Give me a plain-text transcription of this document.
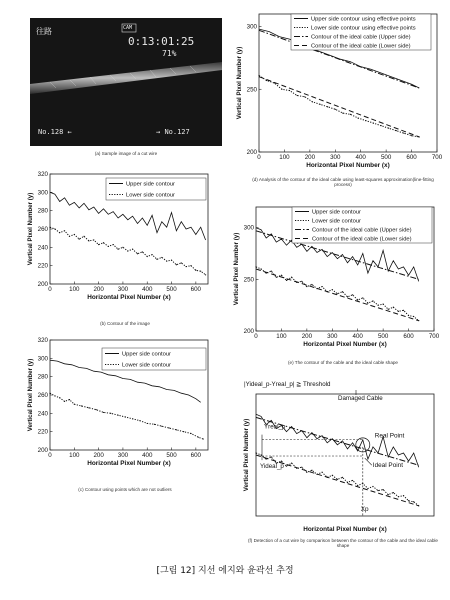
往路	CAM
0:13:01:25
71%
No.128 ←	→ No.127
(a) Sample image of a cut wire
0	100 200 300 400 500 600
200
220
240
260
280
300
320
Horizontal Pixel Number (x)
Vertical Pixel Number (y)
Upper side contour
Lower side contour
(b) Contour of the image
0	100 200 300 400 500 600
200
220
240
260
280
300
320
Horizontal Pixel Number (x)
Vertical Pixel Number (y)
Upper side contour
Lower side contour
(c) Contour using points which are not outliers
0	100 200 300 400 500 600 700
200
250
300
Horizontal Pixel Number (x)
Vertical Pixel Number (y)
Upper side contour using effective points
Lower side contour using effective points
Contour of the ideal cable (Upper side)
Contour of the ideal cable (Lower side)
(d) Analysis of the contour of the ideal cable using least-squares approximation(line-fitting process)
0	100 200 300 400 500 600 700
200
250
300
Horizontal Pixel Number (x)
Vertical Pixel Number (y)
Upper side contour
Lower side contour
Contour of the ideal cable (Upper side)
Contour of the ideal cable (Lower side)
(e) The contour of the cable and the ideal cable shape
Horizontal Pixel Number (x)
Vertical Pixel Number (y)
|Yideal_p-Yreal_p| ≧ Threshold
Damaged Cable
Yreal_p
Yideal_p
Real Point
Ideal Point
Xp
(f) Detection of a cut wire by comparison between the contour of the cable and the ideal cable shape
[그림 12] 지선 에지와 윤곽선 추정
